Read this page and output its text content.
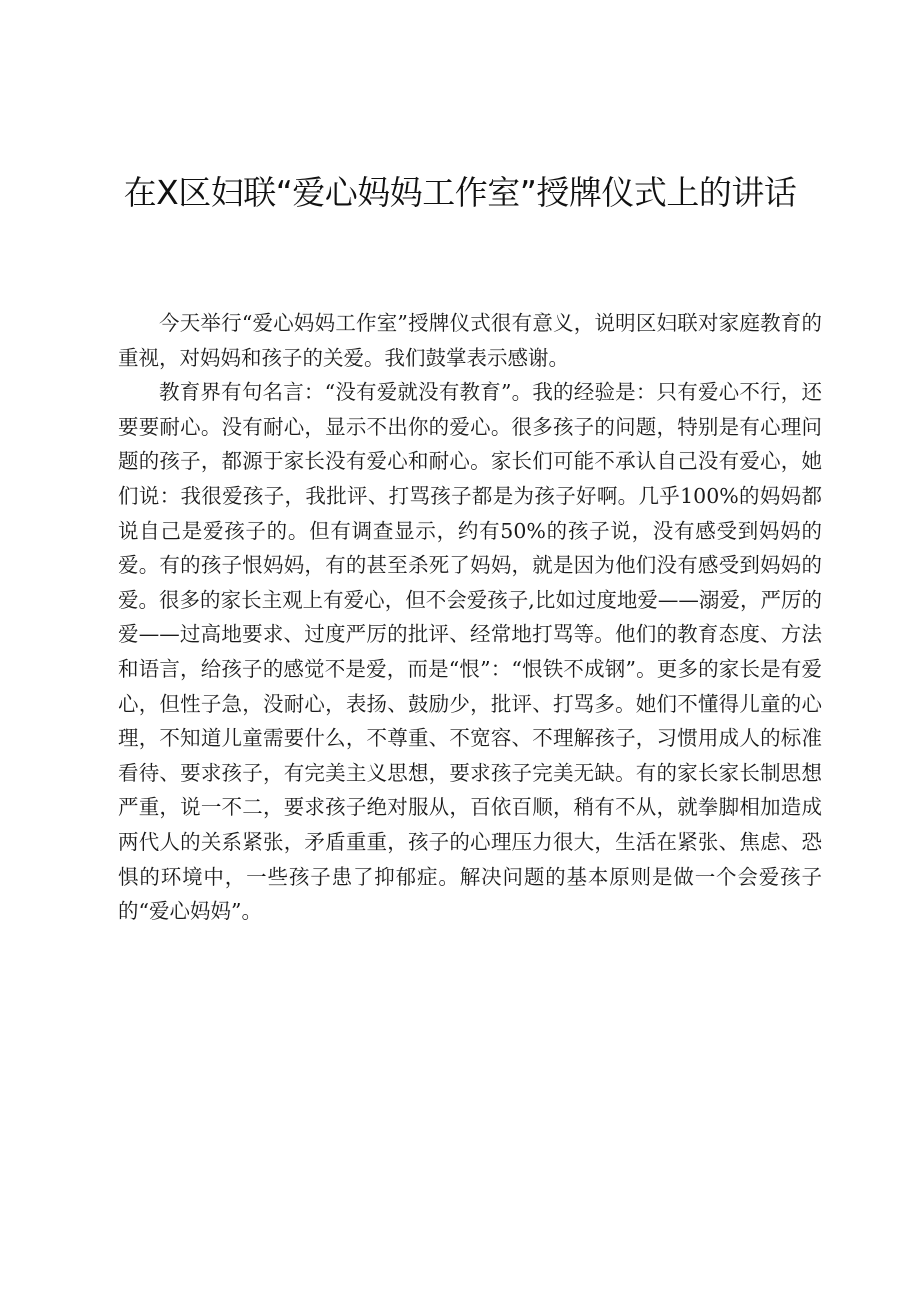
在X区妇联“爱心妈妈工作室”授牌仪式上的讲话

今天举行“爱心妈妈工作室”授牌仪式很有意义，说明区妇联对家庭教育的重视，对妈妈和孩子的关爱。我们鼓掌表示感谢。

教育界有句名言：“没有爱就没有教育”。我的经验是：只有爱心不行，还要要耐心。没有耐心，显示不出你的爱心。很多孩子的问题，特别是有心理问题的孩子，都源于家长没有爱心和耐心。家长们可能不承认自己没有爱心，她们说：我很爱孩子，我批评、打骂孩子都是为孩子好啊。几乎100%的妈妈都说自己是爱孩子的。但有调查显示，约有50%的孩子说，没有感受到妈妈的爱。有的孩子恨妈妈，有的甚至杀死了妈妈，就是因为他们没有感受到妈妈的爱。很多的家长主观上有爱心，但不会爱孩子,比如过度地爱——溺爱，严厉的爱——过高地要求、过度严厉的批评、经常地打骂等。他们的教育态度、方法和语言，给孩子的感觉不是爱，而是“恨”：“恨铁不成钢”。更多的家长是有爱心，但性子急，没耐心，表扬、鼓励少，批评、打骂多。她们不懂得儿童的心理，不知道儿童需要什么，不尊重、不宽容、不理解孩子，习惯用成人的标准看待、要求孩子，有完美主义思想，要求孩子完美无缺。有的家长家长制思想严重，说一不二，要求孩子绝对服从，百依百顺，稍有不从，就拳脚相加造成两代人的关系紧张，矛盾重重，孩子的心理压力很大，生活在紧张、焦虑、恐惧的环境中，一些孩子患了抑郁症。解决问题的基本原则是做一个会爱孩子的“爱心妈妈”。
